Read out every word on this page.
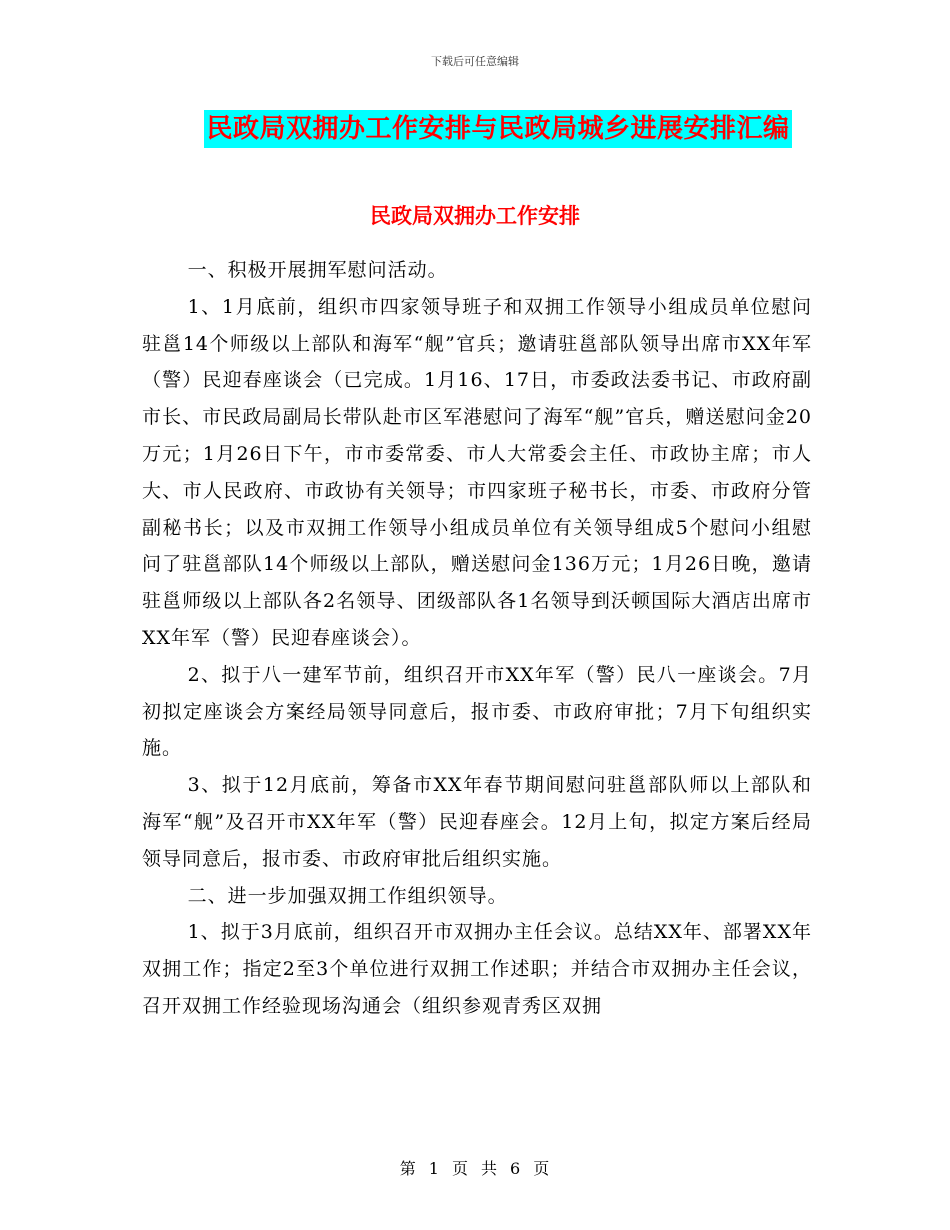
下载后可任意编辑
民政局双拥办工作安排与民政局城乡进展安排汇编
民政局双拥办工作安排

一、积极开展拥军慰问活动。

1、1月底前，组织市四家领导班子和双拥工作领导小组成员单位慰问驻邕14个师级以上部队和海军“舰”官兵；邀请驻邕部队领导出席市XX年军（警）民迎春座谈会（已完成。1月16、17日，市委政法委书记、市政府副市长、市民政局副局长带队赴市区军港慰问了海军“舰”官兵，赠送慰问金20万元；1月26日下午，市市委常委、市人大常委会主任、市政协主席；市人大、市人民政府、市政协有关领导；市四家班子秘书长，市委、市政府分管副秘书长；以及市双拥工作领导小组成员单位有关领导组成5个慰问小组慰问了驻邕部队14个师级以上部队，赠送慰问金136万元；1月26日晚，邀请驻邕师级以上部队各2名领导、团级部队各1名领导到沃顿国际大酒店出席市XX年军（警）民迎春座谈会）。

2、拟于八一建军节前，组织召开市XX年军（警）民八一座谈会。7月初拟定座谈会方案经局领导同意后，报市委、市政府审批；7月下旬组织实施。

3、拟于12月底前，筹备市XX年春节期间慰问驻邕部队师以上部队和海军“舰”及召开市XX年军（警）民迎春座会。12月上旬，拟定方案后经局领导同意后，报市委、市政府审批后组织实施。

二、进一步加强双拥工作组织领导。

1、拟于3月底前，组织召开市双拥办主任会议。总结XX年、部署XX年双拥工作；指定2至3个单位进行双拥工作述职；并结合市双拥办主任会议，召开双拥工作经验现场沟通会（组织参观青秀区双拥

第 1 页 共 6 页
